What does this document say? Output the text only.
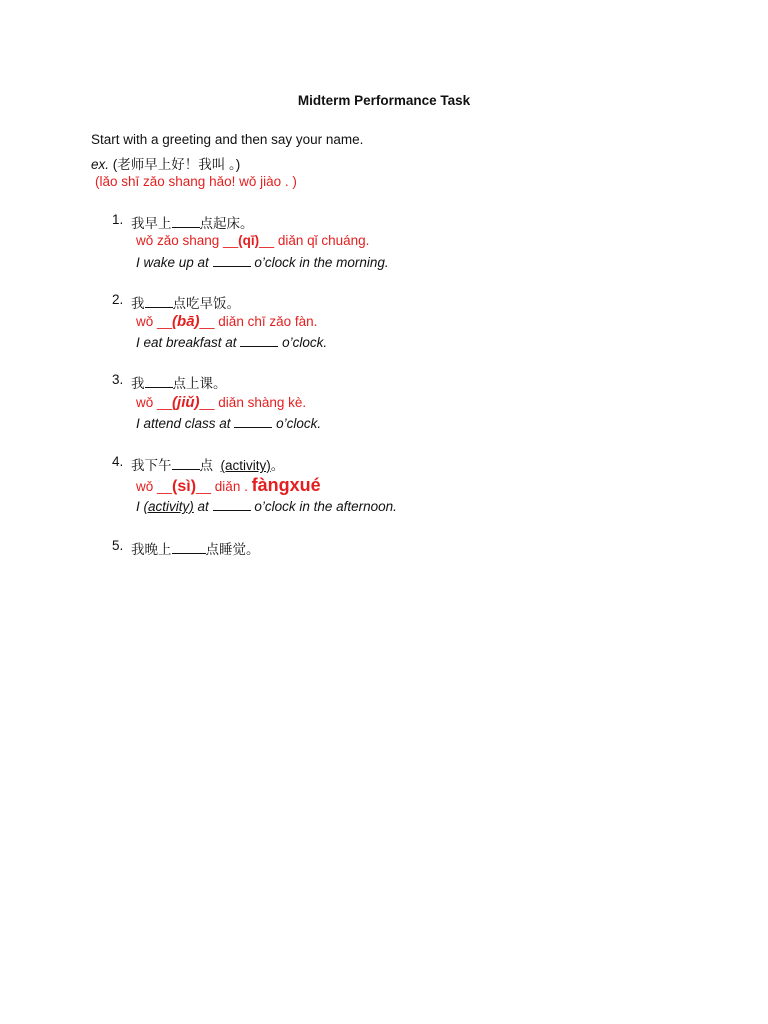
Midterm Performance Task
Start with a greeting and then say your name.
ex. (老师早上好！我叫 。)
(lǎo shī zǎo shang hǎo! wǒ jiào . )
1. 我早上 点起床。
wǒ zǎo shang __(qī)__ diǎn qǐ chuáng.
I wake up at	o’clock in the morning.
2. 我 点吃早饭。
wǒ __(bā)__ diǎn chī zǎo fàn.
I eat breakfast at	o’clock.
3. 我 点上课。
wǒ __(jiǔ)__ diǎn shàng kè.
I attend class at	o’clock.
4. 我下午 点 (activity)。
wǒ __(sì)__ diǎn . fàngxué
I (activity) at	o’clock in the afternoon.
5. 我晚上	点睡觉。
